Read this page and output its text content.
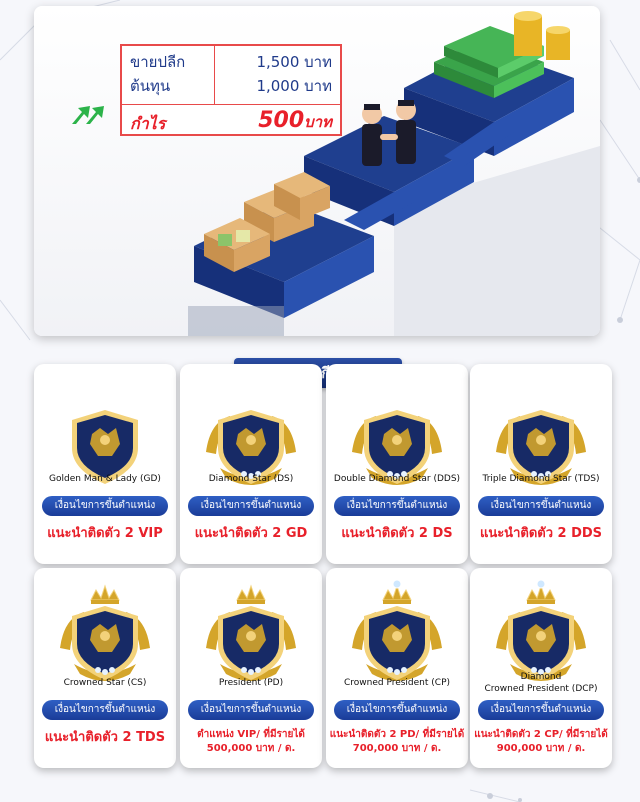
ขายปลีก	1,500 บาท
ต้นทุน	1,000 บาท
กำไร	500บาท
Golden Man & Lady (GD)
เงื่อนไขการขึ้นตำแหน่ง
แนะนำติดตัว 2 VIP
Diamond Star (DS)
เงื่อนไขการขึ้นตำแหน่ง
แนะนำติดตัว 2 GD
Double Diamond Star (DDS)
เงื่อนไขการขึ้นตำแหน่ง
แนะนำติดตัว 2 DS
Triple Diamond Star (TDS)
เงื่อนไขการขึ้นตำแหน่ง
แนะนำติดตัว 2 DDS
Crowned Star (CS)
เงื่อนไขการขึ้นตำแหน่ง
แนะนำติดตัว 2 TDS
President (PD)
เงื่อนไขการขึ้นตำแหน่ง
ตำแหน่ง VIP/ ที่มีรายได้
500,000 บาท / ด.
Crowned President (CP)
เงื่อนไขการขึ้นตำแหน่ง
แนะนำติดตัว 2 PD/ ที่มีรายได้
700,000 บาท / ด.
Diamond
Crowned President (DCP)
เงื่อนไขการขึ้นตำแหน่ง
แนะนำติดตัว 2 CP/ ที่มีรายได้
900,000 บาท / ด.
